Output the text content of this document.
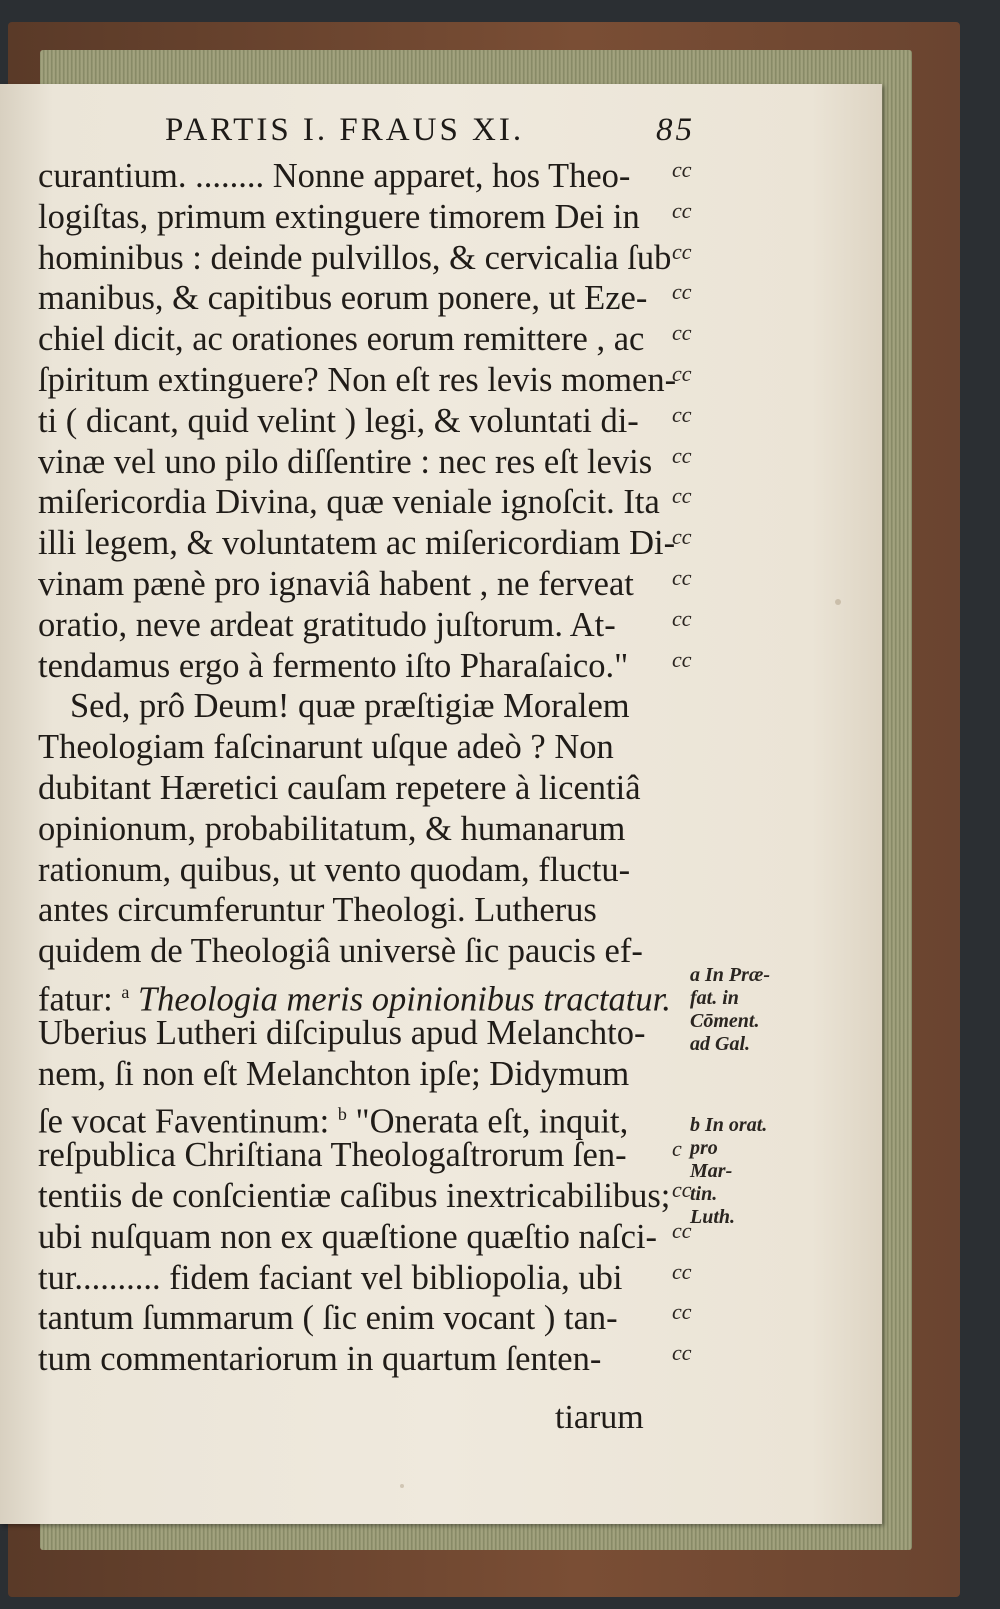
PARTIS I. FRAUS XI.	85
curantium. ........ Nonne apparet, hos Theo- cc
logiſtas, primum extinguere timorem Dei in cc
hominibus : deinde pulvillos, & cervicalia ſub cc
manibus, & capitibus eorum ponere, ut Eze- cc
chiel dicit, ac orationes eorum remittere , ac cc
ſpiritum extinguere? Non eſt res levis momen-
cc
ti ( dicant, quid velint ) legi, & voluntati di- cc
vinæ vel uno pilo diſſentire : nec res eſt levis cc
miſericordia Divina, quæ veniale ignoſcit. Ita cc
illi legem, & voluntatem ac miſericordiam Di-
cc
vinam pænè pro ignaviâ habent , ne ferveat cc
oratio, neve ardeat gratitudo juſtorum. At-	cc
tendamus ergo à fermento iſto Pharaſaico." cc
Sed, prô Deum! quæ præſtigiæ Moralem
Theologiam faſcinarunt uſque adeò ? Non
dubitant Hæretici cauſam repetere à licentiâ
opinionum, probabilitatum, & humanarum
rationum, quibus, ut vento quodam, fluctu-
antes circumferuntur Theologi. Lutherus
quidem de Theologiâ universè ſic paucis ef-
fatur: $^a$ Theologia meris opinionibus tractatur.
Uberius Lutheri diſcipulus apud Melanchto-
nem, ſi non eſt Melanchton ipſe; Didymum
ſe vocat Faventinum: $^b$ "Onerata eſt, inquit,
reſpublica Chriſtiana Theologaſtrorum ſen- c
tentiis de conſcientiæ caſibus inextricabilibus; cc
ubi nuſquam non ex quæſtione quæſtio naſci- cc
tur.......... fidem faciant vel bibliopolia, ubi cc
tantum ſummarum ( ſic enim vocant ) tan- cc
tum commentariorum in quartum ſenten-	cc
a In Præ-
fat. in
Cōment.
ad Gal.
b In orat.
pro
Mar-
tin.
Luth.
tiarum
